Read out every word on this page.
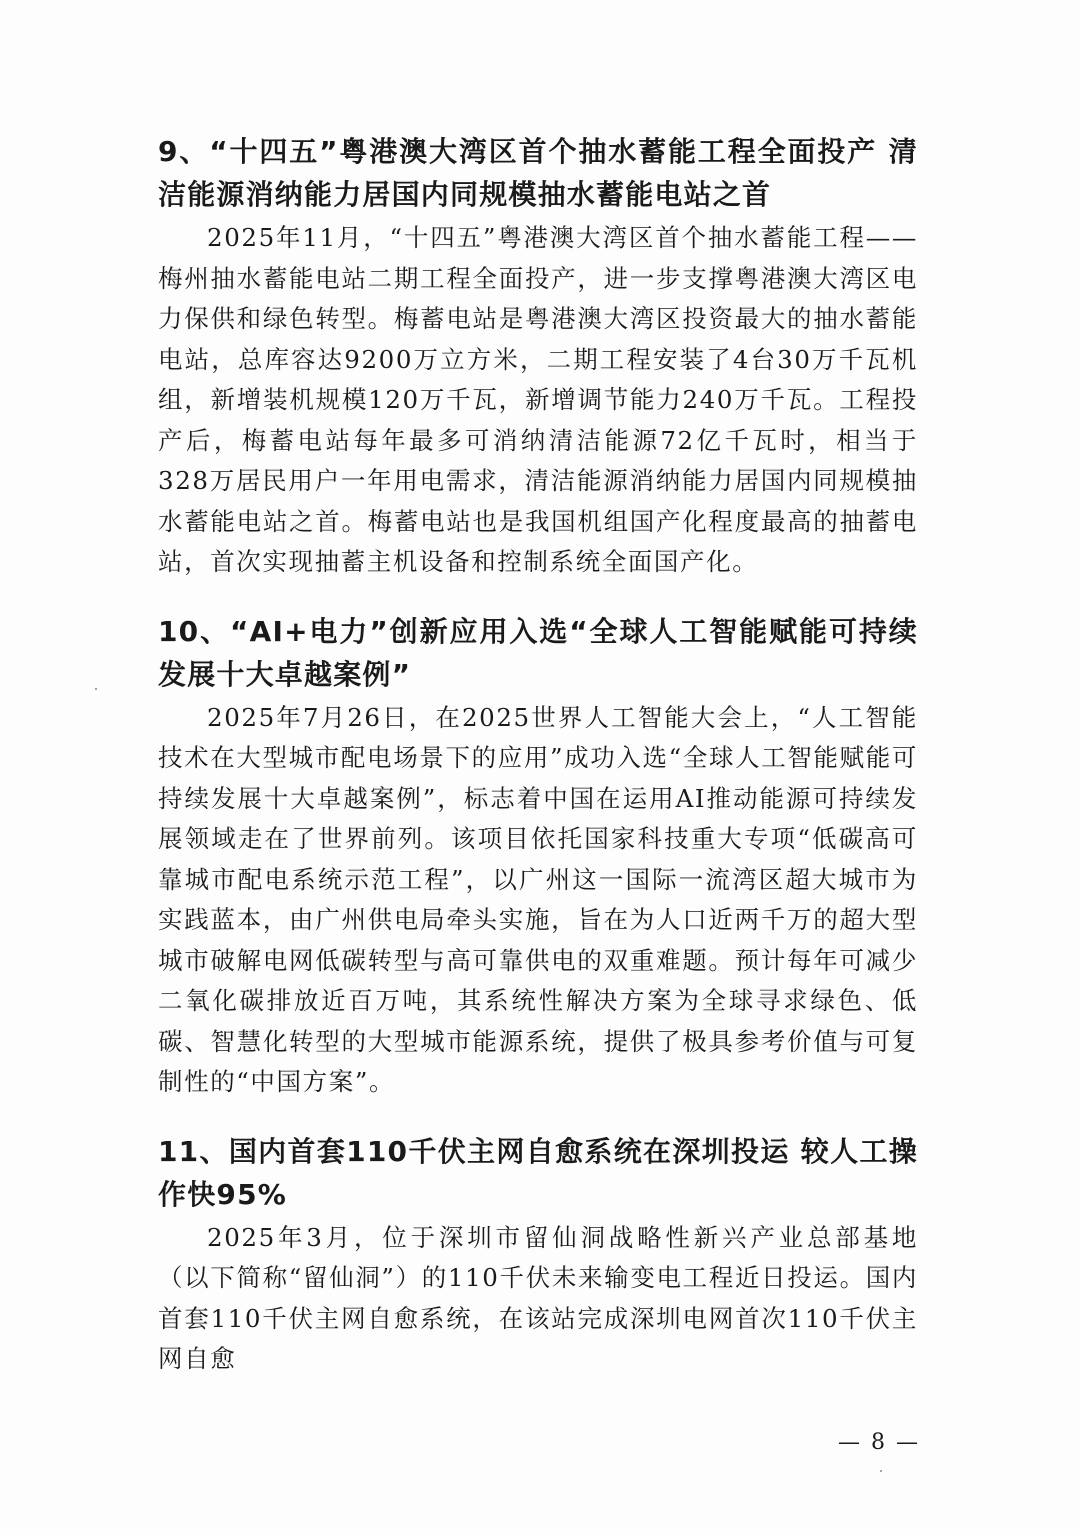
9、“十四五”粤港澳大湾区首个抽水蓄能工程全面投产 清洁能源消纳能力居国内同规模抽水蓄能电站之首

2025年11月，“十四五”粤港澳大湾区首个抽水蓄能工程——梅州抽水蓄能电站二期工程全面投产，进一步支撑粤港澳大湾区电力保供和绿色转型。梅蓄电站是粤港澳大湾区投资最大的抽水蓄能电站，总库容达9200万立方米，二期工程安装了4台30万千瓦机组，新增装机规模120万千瓦，新增调节能力240万千瓦。工程投产后，梅蓄电站每年最多可消纳清洁能源72亿千瓦时，相当于328万居民用户一年用电需求，清洁能源消纳能力居国内同规模抽水蓄能电站之首。梅蓄电站也是我国机组国产化程度最高的抽蓄电站，首次实现抽蓄主机设备和控制系统全面国产化。

10、“AI+电力”创新应用入选“全球人工智能赋能可持续发展十大卓越案例”

2025年7月26日，在2025世界人工智能大会上，“人工智能技术在大型城市配电场景下的应用”成功入选“全球人工智能赋能可持续发展十大卓越案例”，标志着中国在运用AI推动能源可持续发展领域走在了世界前列。该项目依托国家科技重大专项“低碳高可靠城市配电系统示范工程”，以广州这一国际一流湾区超大城市为实践蓝本，由广州供电局牵头实施，旨在为人口近两千万的超大型城市破解电网低碳转型与高可靠供电的双重难题。预计每年可减少二氧化碳排放近百万吨，其系统性解决方案为全球寻求绿色、低碳、智慧化转型的大型城市能源系统，提供了极具参考价值与可复制性的“中国方案”。

11、国内首套110千伏主网自愈系统在深圳投运 较人工操作快95%

2025年3月，位于深圳市留仙洞战略性新兴产业总部基地（以下简称“留仙洞”）的110千伏未来输变电工程近日投运。国内首套110千伏主网自愈系统，在该站完成深圳电网首次110千伏主网自愈

— 8 —
